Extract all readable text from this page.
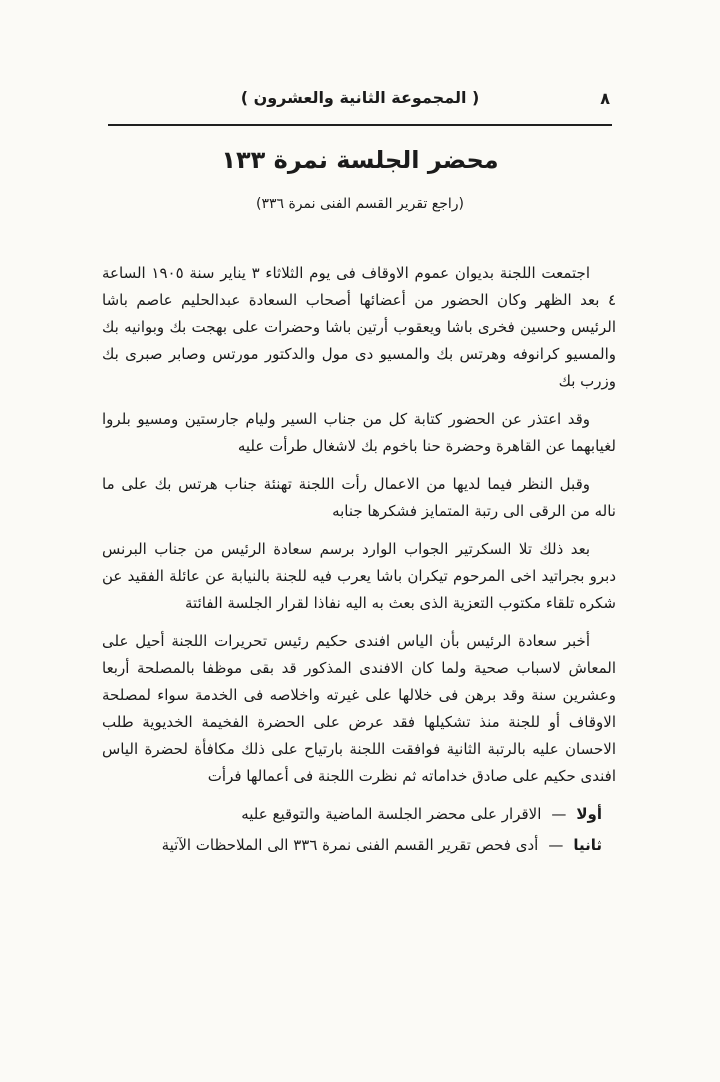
( المجموعة الثانية والعشرون )	٨
محضر الجلسة نمرة ١٣٣
(راجع تقرير القسم الفنى نمرة ٣٣٦)

اجتمعت اللجنة بديوان عموم الاوقاف فى يوم الثلاثاء ٣ يناير سنة ١٩٠٥ الساعة ٤ بعد الظهر وكان الحضور من أعضائها أصحاب السعادة عبدالحليم عاصم باشا الرئيس وحسين فخرى باشا ويعقوب أرتين باشا وحضرات على بهجت بك وبوانيه بك والمسيو كرانوفه وهرتس بك والمسيو دى مول والدكتور مورتس وصابر صبرى بك وزرب بك

وقد اعتذر عن الحضور كتابة كل من جناب السير وليام جارستين ومسيو بلروا لغيابهما عن القاهرة وحضرة حنا باخوم بك لاشغال طرأت عليه

وقبل النظر فيما لديها من الاعمال رأت اللجنة تهنئة جناب هرتس بك على ما ناله من الرقى الى رتبة المتمايز فشكرها جنابه

بعد ذلك تلا السكرتير الجواب الوارد برسم سعادة الرئيس من جناب البرنس دبرو بجراتيد اخى المرحوم تيكران باشا يعرب فيه للجنة بالنيابة عن عائلة الفقيد عن شكره تلقاء مكتوب التعزية الذى بعث به اليه نفاذا لقرار الجلسة الفائتة

أخبر سعادة الرئيس بأن الياس افندى حكيم رئيس تحريرات اللجنة أحيل على المعاش لاسباب صحية ولما كان الافندى المذكور قد بقى موظفا بالمصلحة أربعا وعشرين سنة وقد برهن فى خلالها على غيرته واخلاصه فى الخدمة سواء لمصلحة الاوقاف أو للجنة منذ تشكيلها فقد عرض على الحضرة الفخيمة الخديوية طلب الاحسان عليه بالرتبة الثانية فوافقت اللجنة بارتياح على ذلك مكافأة لحضرة الياس افندى حكيم على صادق خداماته ثم نظرت اللجنة فى أعمالها فرأت

أولا
—
الاقرار على محضر الجلسة الماضية والتوقيع عليه
ثانيا
—
أدى فحص تقرير القسم الفنى نمرة ٣٣٦ الى الملاحظات الآتية
